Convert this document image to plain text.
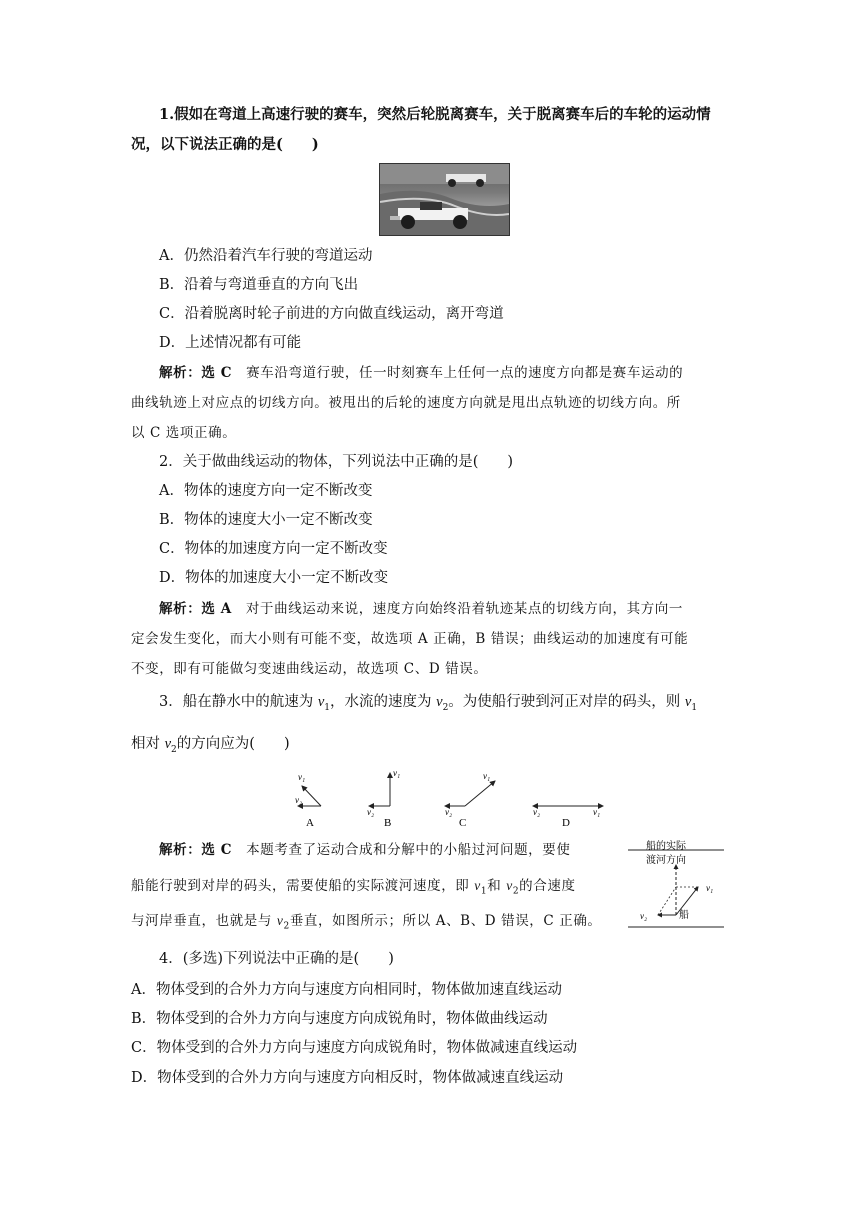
1.假如在弯道上高速行驶的赛车，突然后轮脱离赛车，关于脱离赛车后的车轮的运动情
况，以下说法正确的是(　　)
A．仍然沿着汽车行驶的弯道运动
B．沿着与弯道垂直的方向飞出
C．沿着脱离时轮子前进的方向做直线运动，离开弯道
D．上述情况都有可能
解析：选 C　 赛车沿弯道行驶，任一时刻赛车上任何一点的速度方向都是赛车运动的
曲线轨迹上对应点的切线方向。被甩出的后轮的速度方向就是甩出点轨迹的切线方向。所
以 C 选项正确。
2．关于做曲线运动的物体，下列说法中正确的是(　　)
A．物体的速度方向一定不断改变
B．物体的速度大小一定不断改变
C．物体的加速度方向一定不断改变
D．物体的加速度大小一定不断改变
解析：选 A　 对于曲线运动来说，速度方向始终沿着轨迹某点的切线方向，其方向一
定会发生变化，而大小则有可能不变，故选项 A 正确，B 错误；曲线运动的加速度有可能
不变，即有可能做匀变速曲线运动，故选项 C、D 错误。
3．船在静水中的航速为 $v_1$，水流的速度为 $v_2$。为使船行驶到河正对岸的码头，则 $v_1$
相对 $v_2$的方向应为(　　)
v₁
v₂
A
v₁
v₂
B
v₁
v₂
C
v₁
v₂
D
解析：选 C　 本题考查了运动合成和分解中的小船过河问题，要使
船能行驶到对岸的码头，需要使船的实际渡河速度，即 $v_1$和 $v_2$的合速度
与河岸垂直，也就是与 $v_2$垂直，如图所示；所以 A、B、D 错误，C 正确。
船的实际
渡河方向
v₁
v₂	船
4．(多选)下列说法中正确的是(　　)
A．物体受到的合外力方向与速度方向相同时，物体做加速直线运动
B．物体受到的合外力方向与速度方向成锐角时，物体做曲线运动
C．物体受到的合外力方向与速度方向成锐角时，物体做减速直线运动
D．物体受到的合外力方向与速度方向相反时，物体做减速直线运动
